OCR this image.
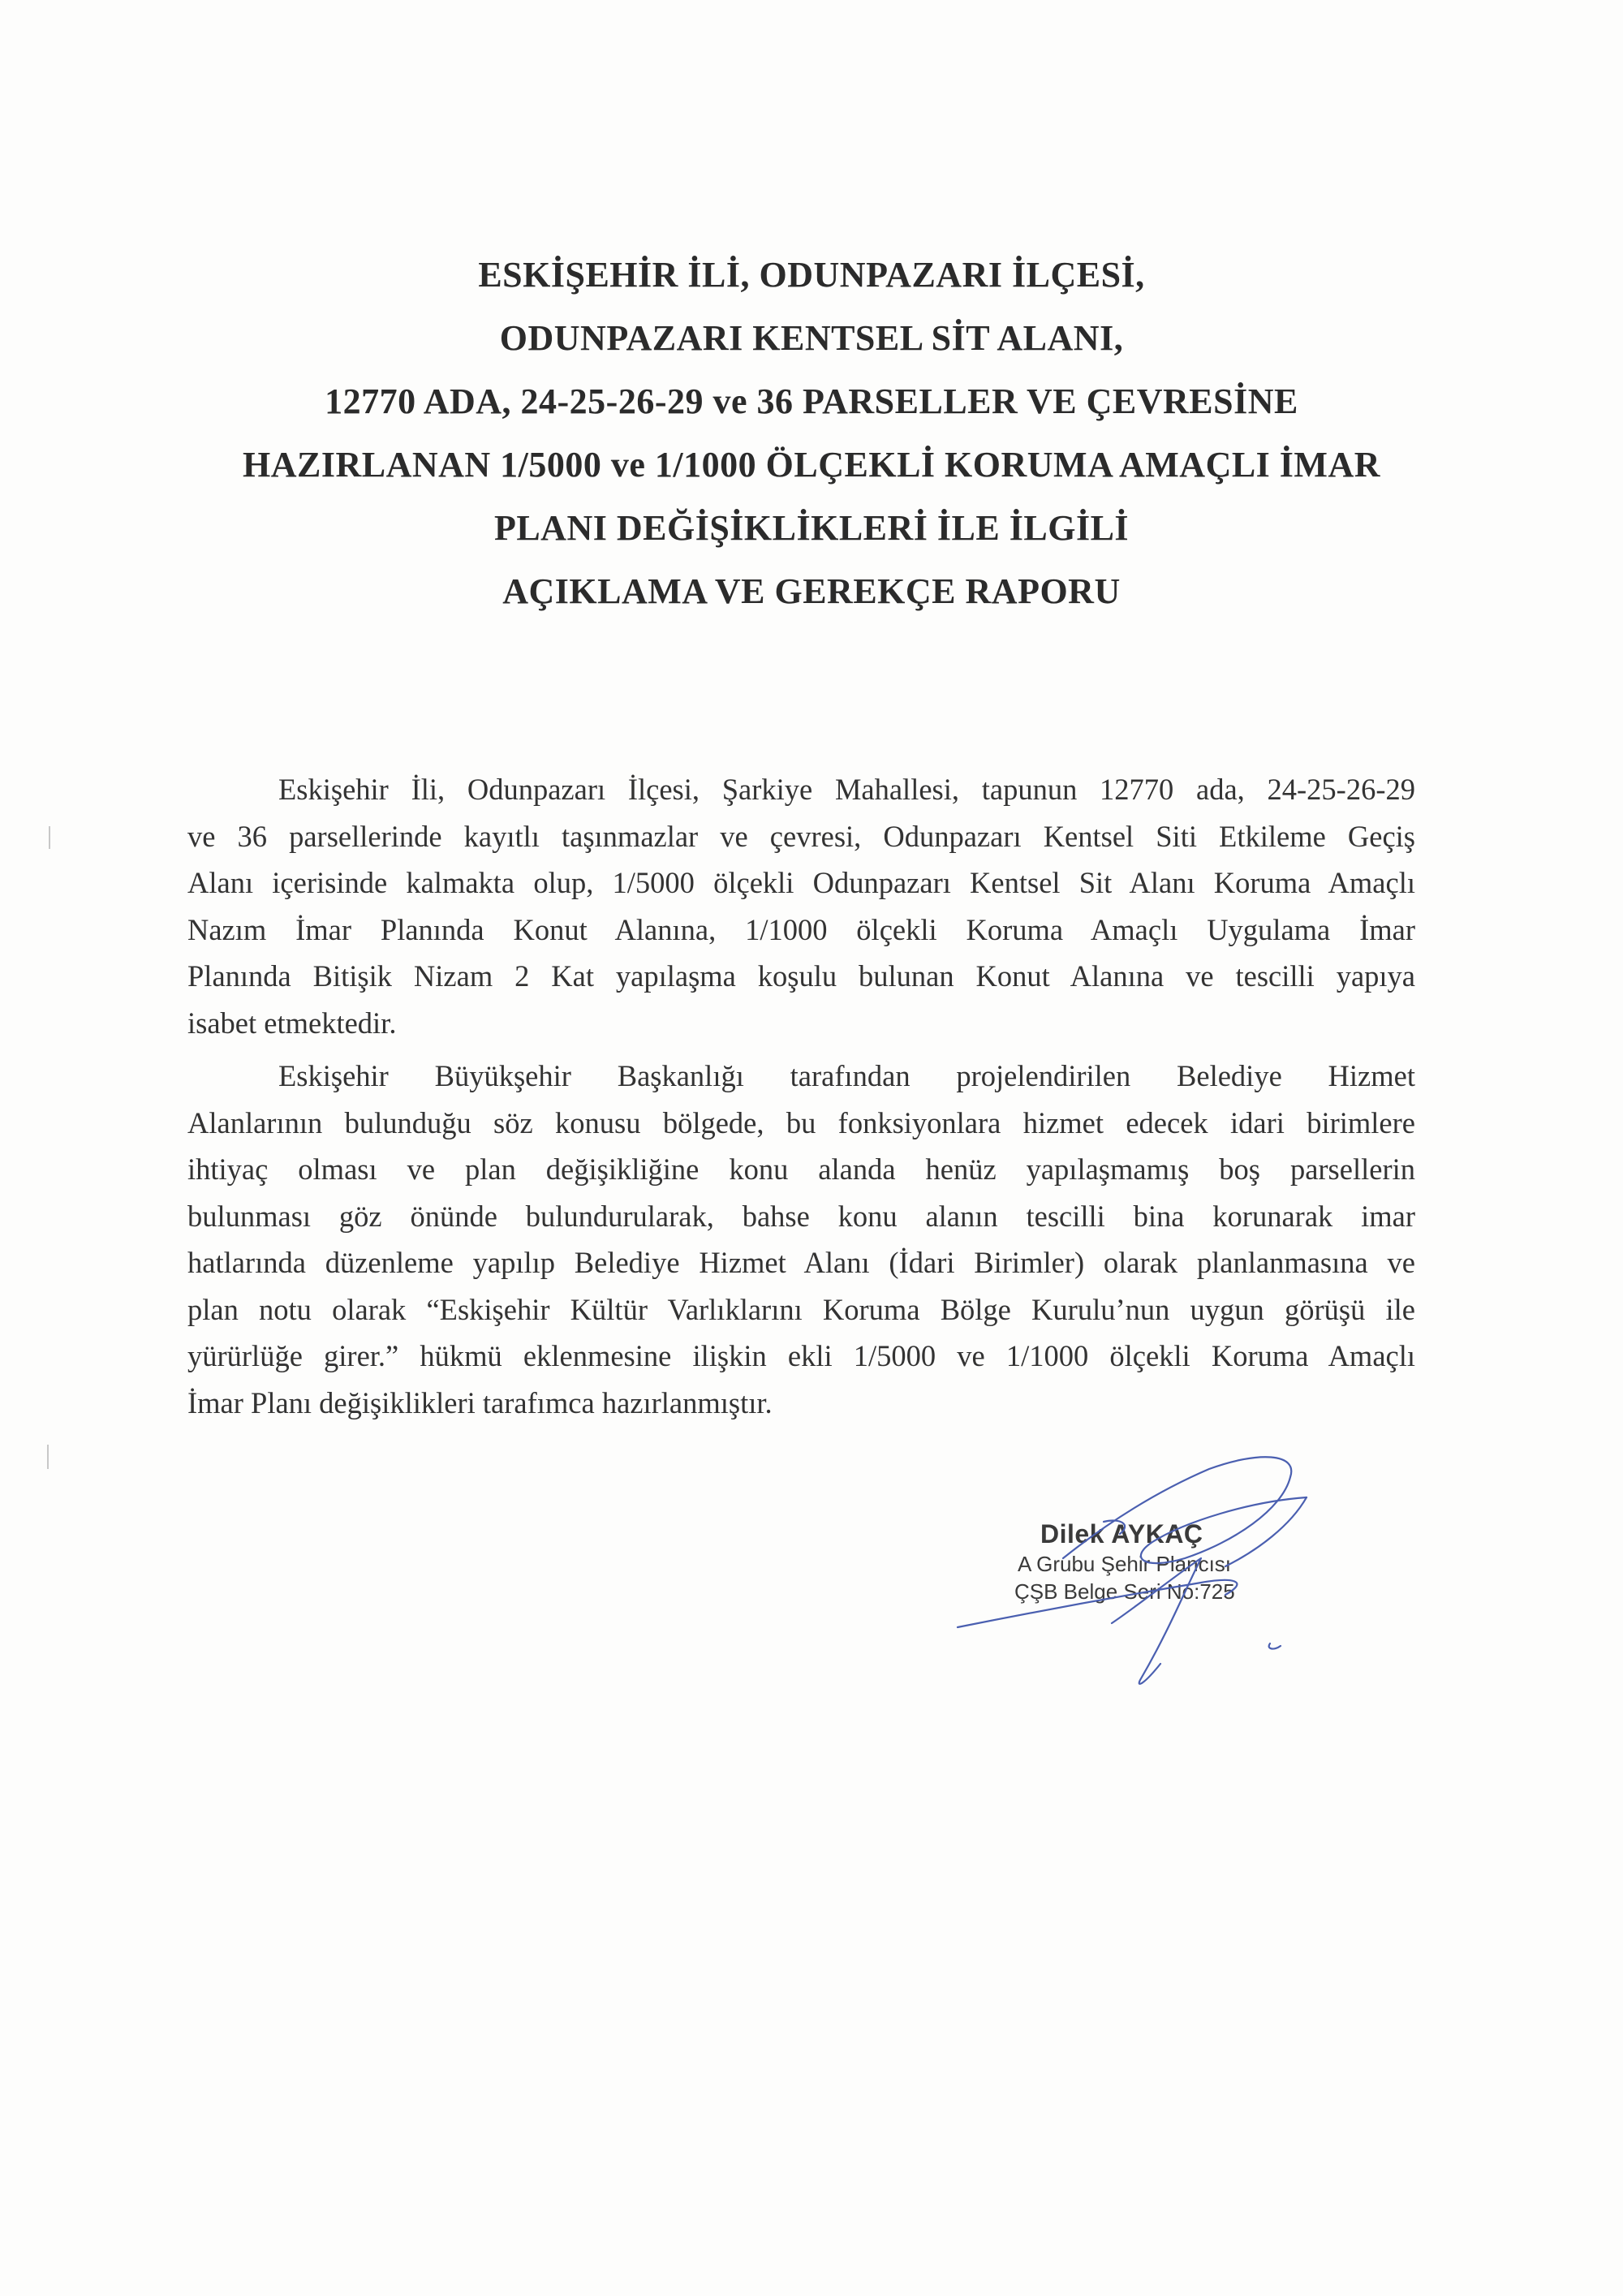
ESKİŞEHİR İLİ, ODUNPAZARI İLÇESİ,
ODUNPAZARI KENTSEL SİT ALANI,
12770 ADA, 24-25-26-29 ve 36 PARSELLER VE ÇEVRESİNE
HAZIRLANAN 1/5000 ve 1/1000 ÖLÇEKLİ KORUMA AMAÇLI İMAR
PLANI DEĞİŞİKLİKLERİ İLE İLGİLİ
AÇIKLAMA VE GEREKÇE RAPORU
Eskişehir İli, Odunpazarı İlçesi, Şarkiye Mahallesi, tapunun 12770 ada, 24-25-26-29
ve 36 parsellerinde kayıtlı taşınmazlar ve çevresi, Odunpazarı Kentsel Siti Etkileme Geçiş
Alanı içerisinde kalmakta olup, 1/5000 ölçekli Odunpazarı Kentsel Sit Alanı Koruma Amaçlı
Nazım İmar Planında Konut Alanına, 1/1000 ölçekli Koruma Amaçlı Uygulama İmar
Planında Bitişik Nizam 2 Kat yapılaşma koşulu bulunan Konut Alanına ve tescilli yapıya
isabet etmektedir.
Eskişehir Büyükşehir Başkanlığı tarafından projelendirilen Belediye Hizmet
Alanlarının bulunduğu söz konusu bölgede, bu fonksiyonlara hizmet edecek idari birimlere
ihtiyaç olması ve plan değişikliğine konu alanda henüz yapılaşmamış boş parsellerin
bulunması göz önünde bulundurularak, bahse konu alanın tescilli bina korunarak imar
hatlarında düzenleme yapılıp Belediye Hizmet Alanı (İdari Birimler) olarak planlanmasına ve
plan notu olarak “Eskişehir Kültür Varlıklarını Koruma Bölge Kurulu’nun uygun görüşü ile
yürürlüğe girer.” hükmü eklenmesine ilişkin ekli 1/5000 ve 1/1000 ölçekli Koruma Amaçlı
İmar Planı değişiklikleri tarafımca hazırlanmıştır.
Dilek AYKAÇ
A Grubu Şehir Plancısı
ÇŞB Belge Seri No:725
